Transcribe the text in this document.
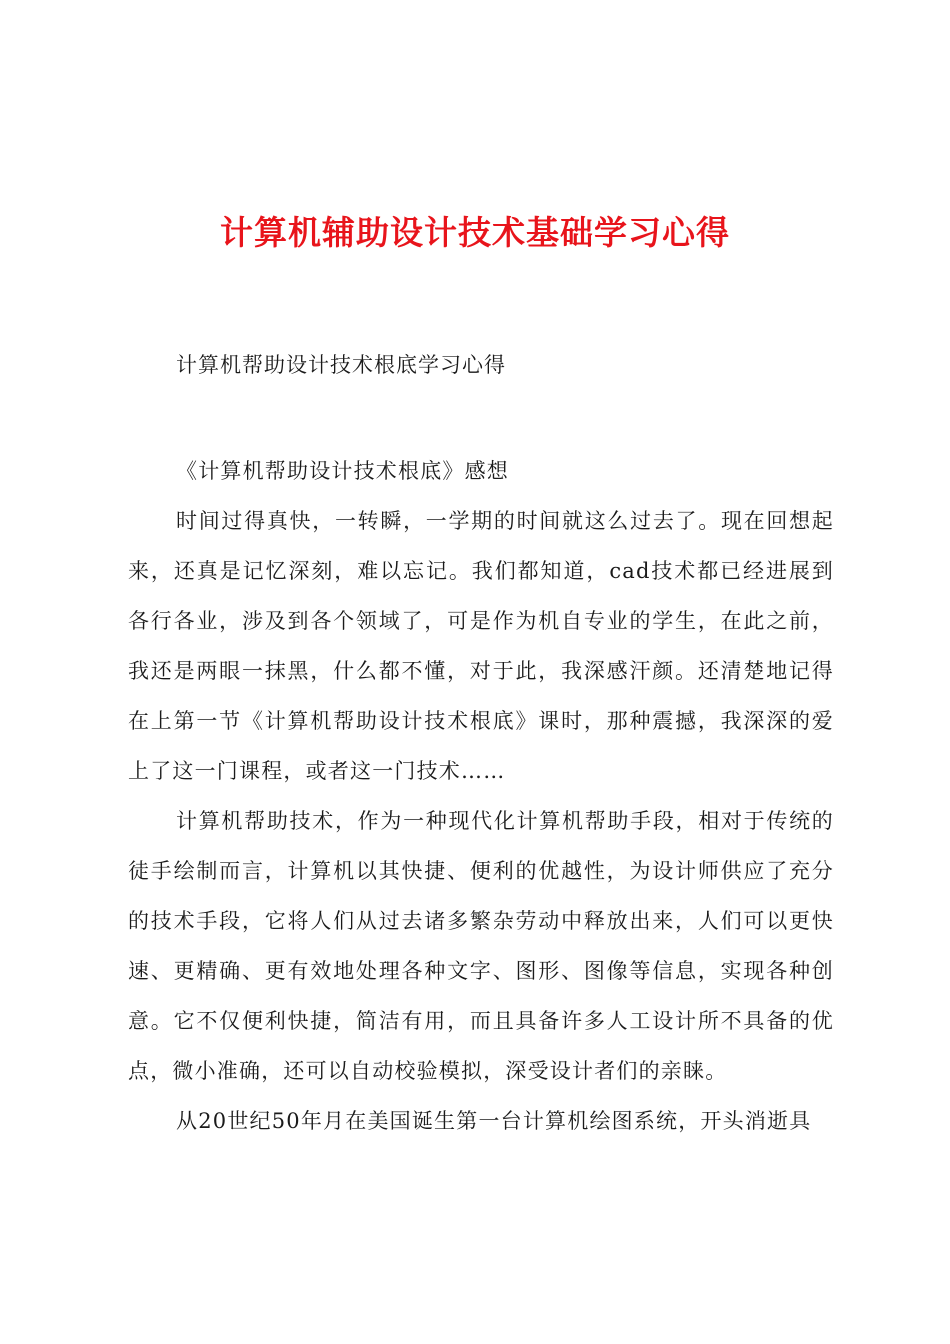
计算机辅助设计技术基础学习心得
计算机帮助设计技术根底学习心得

《计算机帮助设计技术根底》感想

时间过得真快，一转瞬，一学期的时间就这么过去了。现在回想起来，还真是记忆深刻，难以忘记。我们都知道，cad技术都已经进展到各行各业，涉及到各个领域了，可是作为机自专业的学生，在此之前，我还是两眼一抹黑，什么都不懂，对于此，我深感汗颜。还清楚地记得在上第一节《计算机帮助设计技术根底》课时，那种震撼，我深深的爱上了这一门课程，或者这一门技术……

计算机帮助技术，作为一种现代化计算机帮助手段，相对于传统的徒手绘制而言，计算机以其快捷、便利的优越性，为设计师供应了充分的技术手段，它将人们从过去诸多繁杂劳动中释放出来，人们可以更快速、更精确、更有效地处理各种文字、图形、图像等信息，实现各种创意。它不仅便利快捷，简洁有用，而且具备许多人工设计所不具备的优点，微小准确，还可以自动校验模拟，深受设计者们的亲睐。

从20世纪50年月在美国诞生第一台计算机绘图系统，开头消逝具
